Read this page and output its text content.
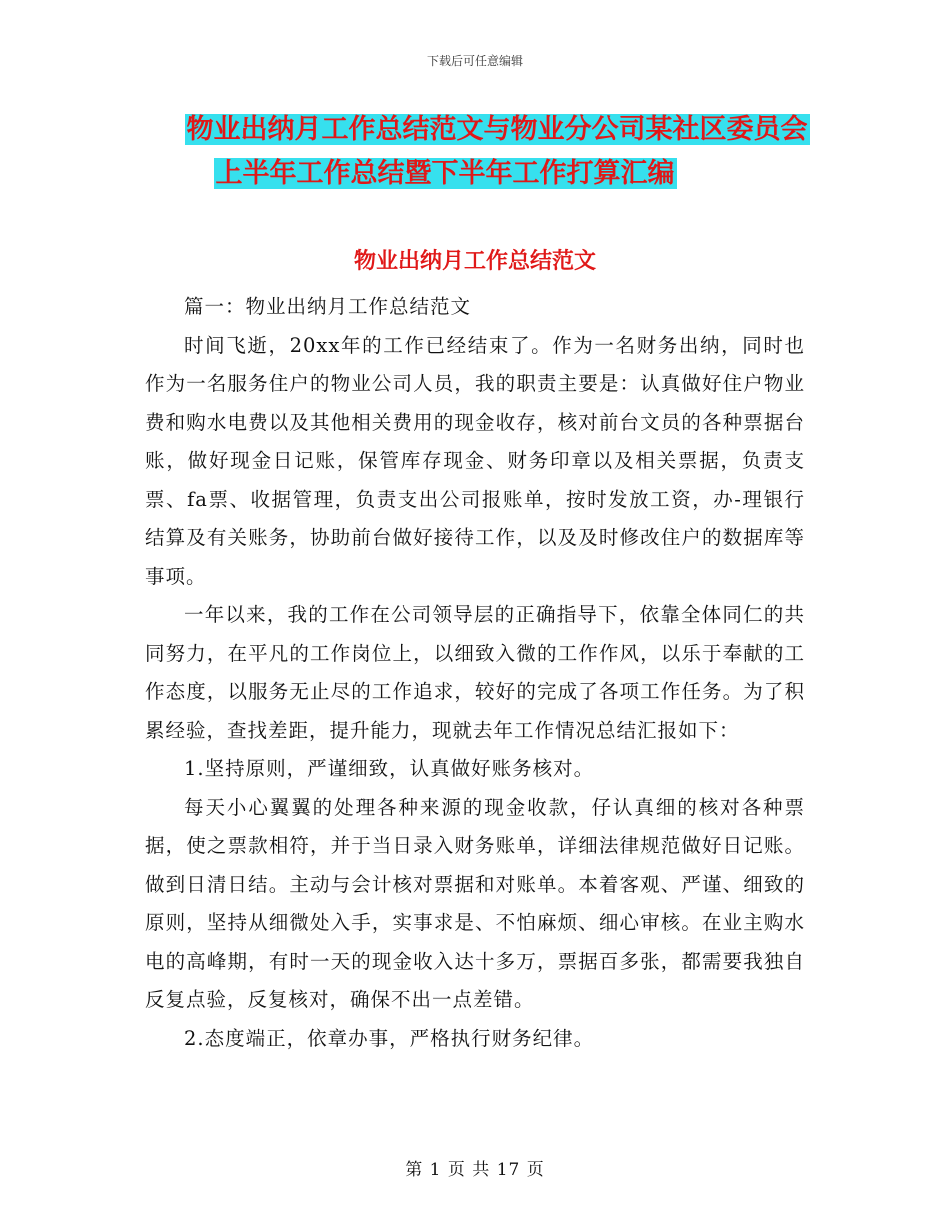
下载后可任意编辑
物业出纳月工作总结范文与物业分公司某社区委员会
上半年工作总结暨下半年工作打算汇编
物业出纳月工作总结范文

篇一：物业出纳月工作总结范文

时间飞逝，20xx年的工作已经结束了。作为一名财务出纳，同时也作为一名服务住户的物业公司人员，我的职责主要是：认真做好住户物业费和购水电费以及其他相关费用的现金收存，核对前台文员的各种票据台账，做好现金日记账，保管库存现金、财务印章以及相关票据，负责支票、fa票、收据管理，负责支出公司报账单，按时发放工资，办-理银行结算及有关账务，协助前台做好接待工作，以及及时修改住户的数据库等事项。

一年以来，我的工作在公司领导层的正确指导下，依靠全体同仁的共同努力，在平凡的工作岗位上，以细致入微的工作作风，以乐于奉献的工作态度，以服务无止尽的工作追求，较好的完成了各项工作任务。为了积累经验，查找差距，提升能力，现就去年工作情况总结汇报如下：

1.坚持原则，严谨细致，认真做好账务核对。

每天小心翼翼的处理各种来源的现金收款，仔认真细的核对各种票据，使之票款相符，并于当日录入财务账单，详细法律规范做好日记账。做到日清日结。主动与会计核对票据和对账单。本着客观、严谨、细致的原则，坚持从细微处入手，实事求是、不怕麻烦、细心审核。在业主购水电的高峰期，有时一天的现金收入达十多万，票据百多张，都需要我独自反复点验，反复核对，确保不出一点差错。

2.态度端正，依章办事，严格执行财务纪律。

第 1 页 共 17 页
